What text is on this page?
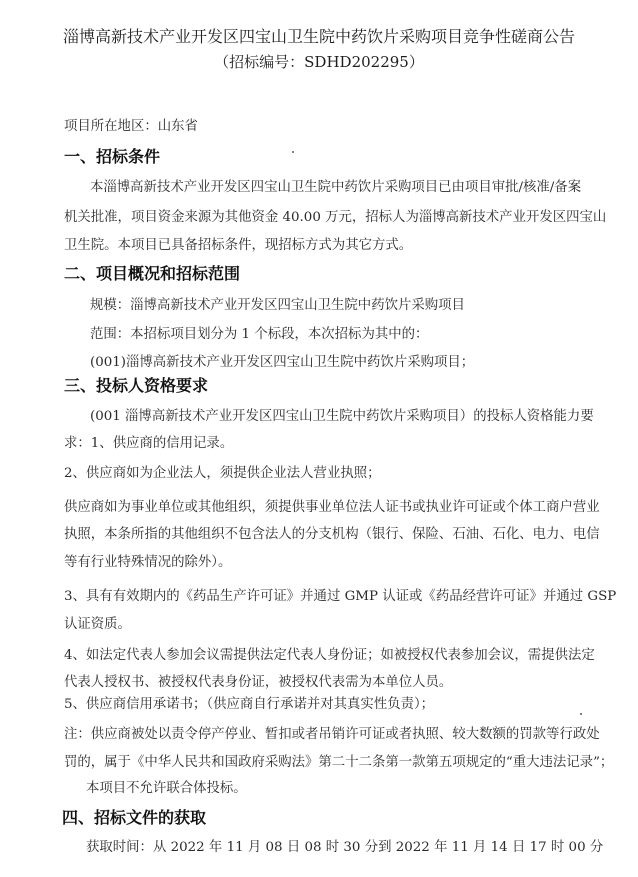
淄博高新技术产业开发区四宝山卫生院中药饮片采购项目竞争性磋商公告
（招标编号：SDHD202295）
项目所在地区：山东省
一、招标条件
本淄博高新技术产业开发区四宝山卫生院中药饮片采购项目已由项目审批/核准/备案
机关批准，项目资金来源为其他资金 40.00 万元，招标人为淄博高新技术产业开发区四宝山
卫生院。本项目已具备招标条件，现招标方式为其它方式。
二、项目概况和招标范围
规模：淄博高新技术产业开发区四宝山卫生院中药饮片采购项目
范围：本招标项目划分为 1 个标段，本次招标为其中的：
(001)淄博高新技术产业开发区四宝山卫生院中药饮片采购项目；
三、投标人资格要求
(001 淄博高新技术产业开发区四宝山卫生院中药饮片采购项目）的投标人资格能力要
求：1、供应商的信用记录。
2、供应商如为企业法人，须提供企业法人营业执照；
供应商如为事业单位或其他组织，须提供事业单位法人证书或执业许可证或个体工商户营业
执照，本条所指的其他组织不包含法人的分支机构（银行、保险、石油、石化、电力、电信
等有行业特殊情况的除外）。
3、具有有效期内的《药品生产许可证》并通过 GMP 认证或《药品经营许可证》并通过 GSP
认证资质。
4、如法定代表人参加会议需提供法定代表人身份证；如被授权代表参加会议，需提供法定
代表人授权书、被授权代表身份证，被授权代表需为本单位人员。
5、供应商信用承诺书；（供应商自行承诺并对其真实性负责）；
注：供应商被处以责令停产停业、暂扣或者吊销许可证或者执照、较大数额的罚款等行政处
罚的，属于《中华人民共和国政府采购法》第二十二条第一款第五项规定的“重大违法记录”；
本项目不允许联合体投标。
四、招标文件的获取
获取时间：从 2022 年 11 月 08 日 08 时 30 分到 2022 年 11 月 14 日 17 时 00 分
